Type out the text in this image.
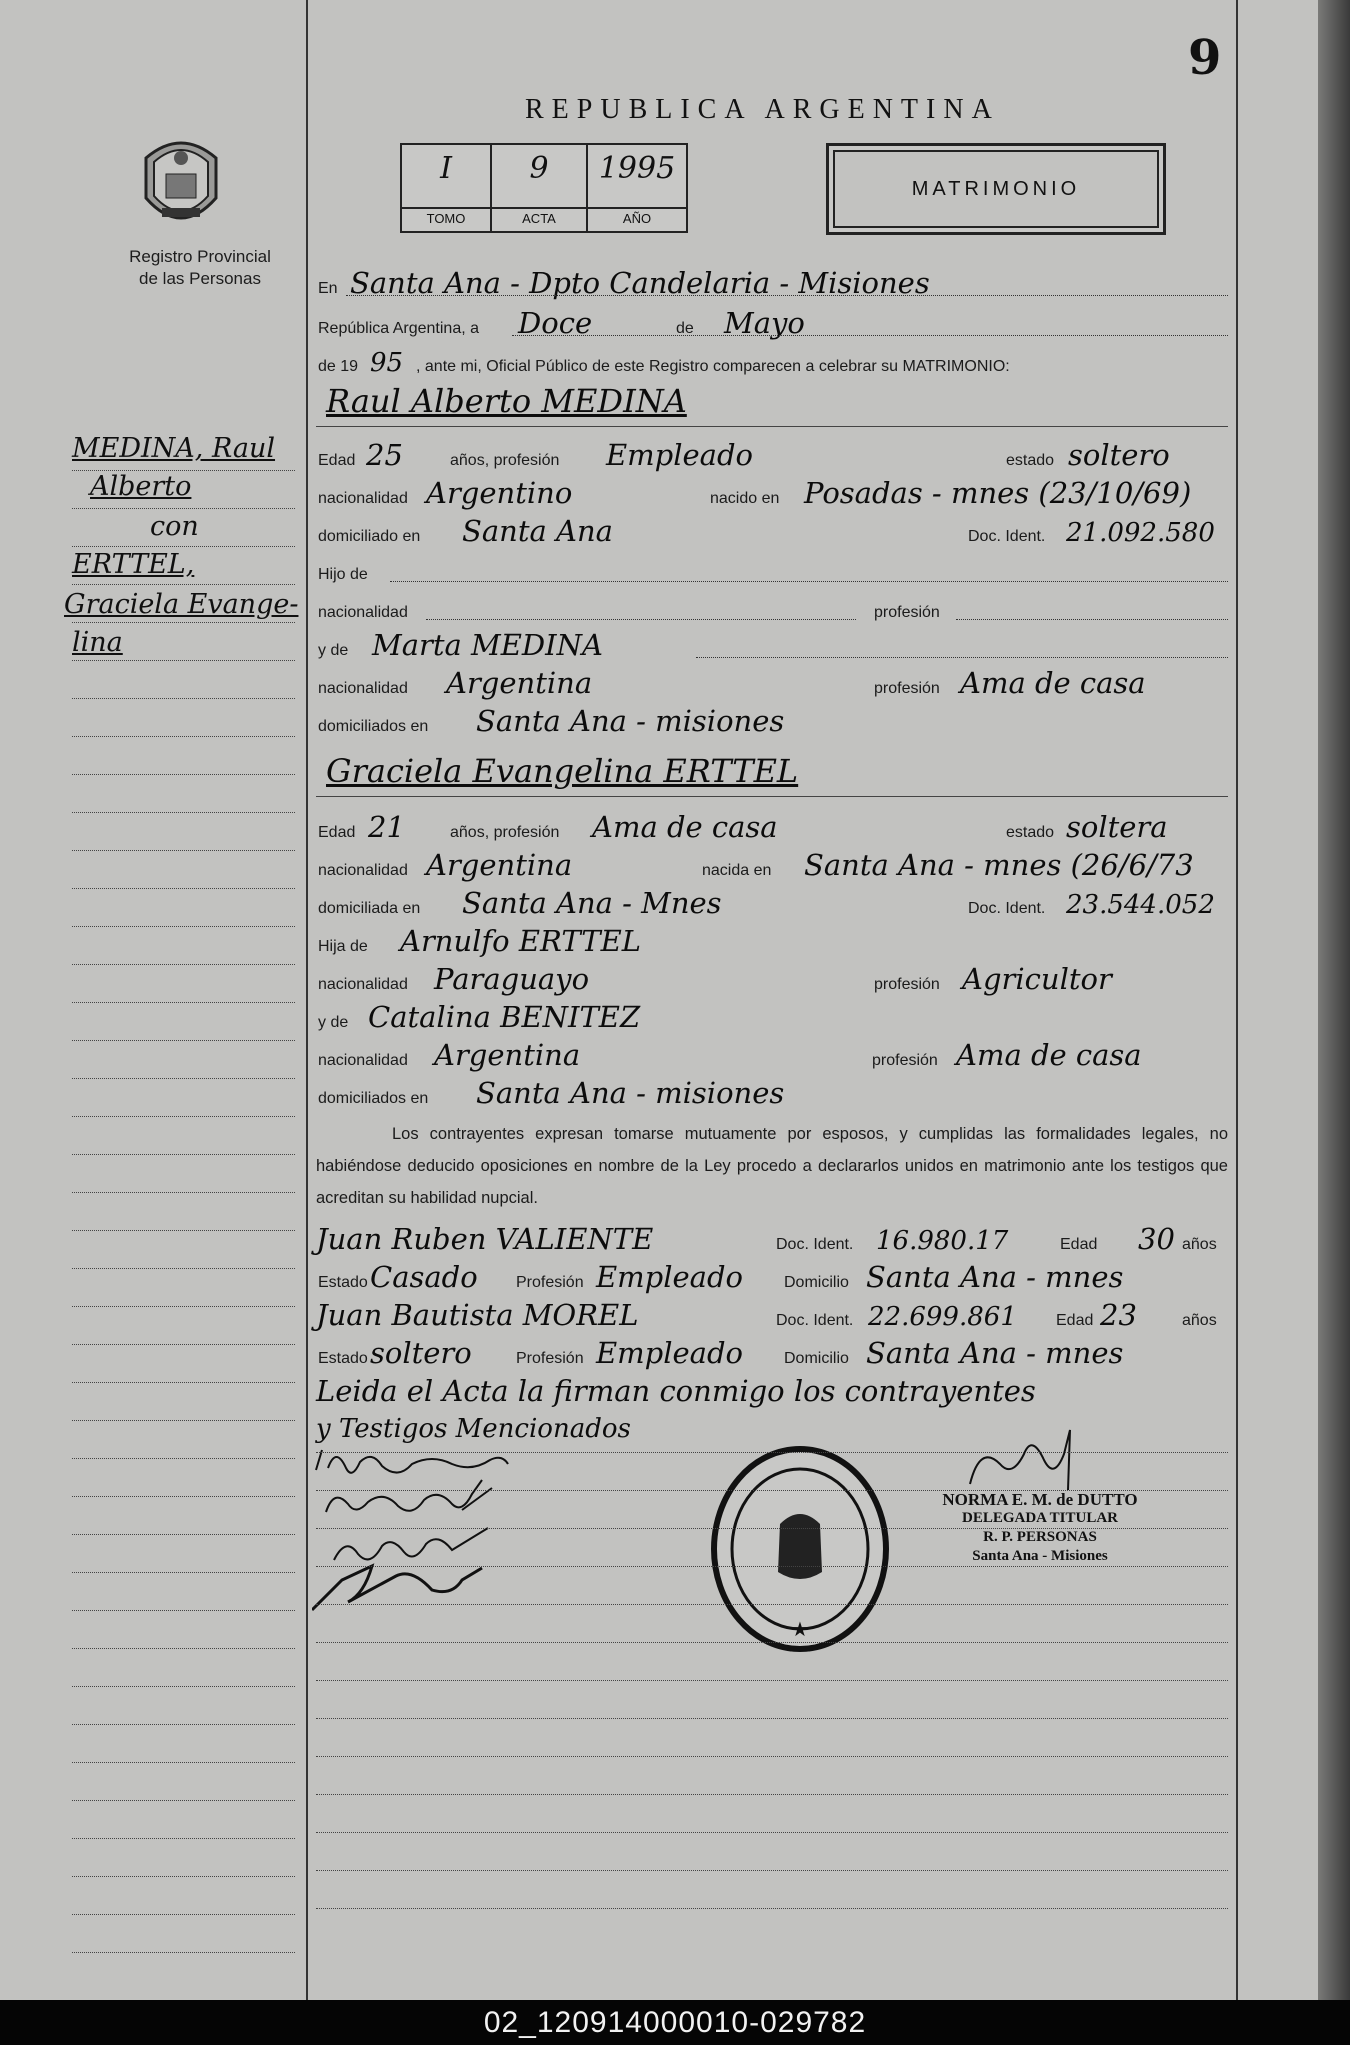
Registro Provincial
de las Personas
MEDINA, Raul
Alberto
con
ERTTEL,
Graciela Evange-
lina
9
REPUBLICA ARGENTINA
I
TOMO
9
ACTA
1995
AÑO
MATRIMONIO
En Santa Ana - Dpto Candelaria - Misiones
República Argentina, a Doce	de Mayo
de 19 95 , ante mi, Oficial Público de este Registro comparecen a celebrar su MATRIMONIO:
Raul Alberto MEDINA
Edad 25	años, profesión Empleado	estado soltero
nacionalidad Argentino	nacido en Posadas - mnes (23/10/69)
domiciliado en Santa Ana	Doc. Ident. 21.092.580
Hijo de
nacionalidad	profesión
y de Marta MEDINA
nacionalidad Argentina	profesión Ama de casa
domiciliados en Santa Ana - misiones
Graciela Evangelina ERTTEL
Edad 21	años, profesión Ama de casa	estado soltera
nacionalidad Argentina	nacida en Santa Ana - mnes (26/6/73
domiciliada en Santa Ana - Mnes	Doc. Ident. 23.544.052
Hija de Arnulfo ERTTEL
nacionalidad Paraguayo	profesión Agricultor
y de Catalina BENITEZ
nacionalidad Argentina	profesión Ama de casa
domiciliados en Santa Ana - misiones
Los contrayentes expresan tomarse mutuamente por esposos, y cumplidas las formalidades legales, no habiéndose deducido oposiciones en nombre de la Ley procedo a declararlos unidos en matrimonio ante los testigos que acreditan su habilidad nupcial.
Juan Ruben VALIENTE	Doc. Ident. 16.980.17	Edad 30 años
Estado Casado Profesión Empleado	Domicilio Santa Ana - mnes
Juan Bautista MOREL	Doc. Ident. 22.699.861 Edad 23	años
Estado soltero	Profesión Empleado	Domicilio Santa Ana - mnes
Leida el Acta la firman conmigo los contrayentes
y Testigos Mencionados
★
NORMA E. M. de DUTTO
DELEGADA TITULAR
R. P. PERSONAS
Santa Ana - Misiones
02_120914000010-029782
